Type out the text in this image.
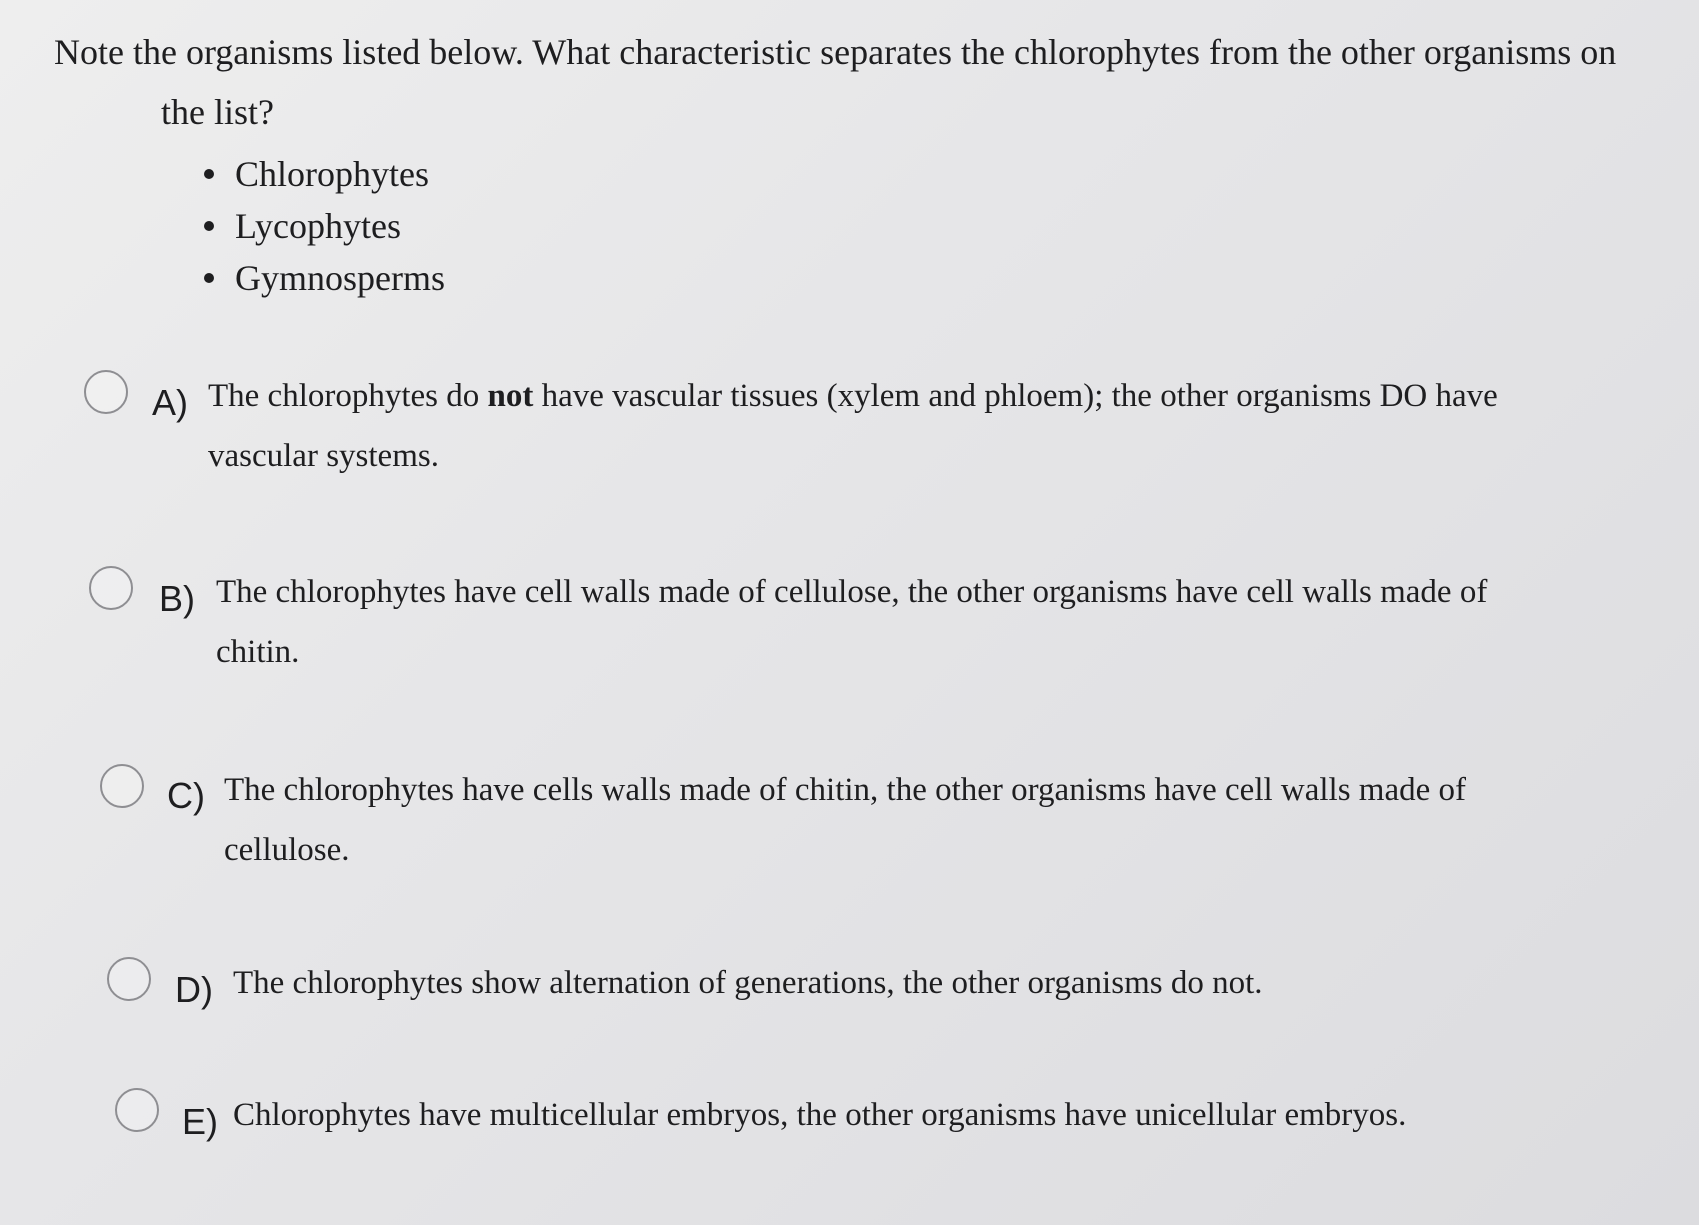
Note the organisms listed below. What characteristic separates the chlorophytes from the other organisms on
the list?
Chlorophytes
Lycophytes
Gymnosperms
A) The chlorophytes do not have vascular tissues (xylem and phloem); the other organisms DO have
vascular systems.
B) The chlorophytes have cell walls made of cellulose, the other organisms have cell walls made of
chitin.
C) The chlorophytes have cells walls made of chitin, the other organisms have cell walls made of
cellulose.
D) The chlorophytes show alternation of generations, the other organisms do not.
E) Chlorophytes have multicellular embryos, the other organisms have unicellular embryos.
